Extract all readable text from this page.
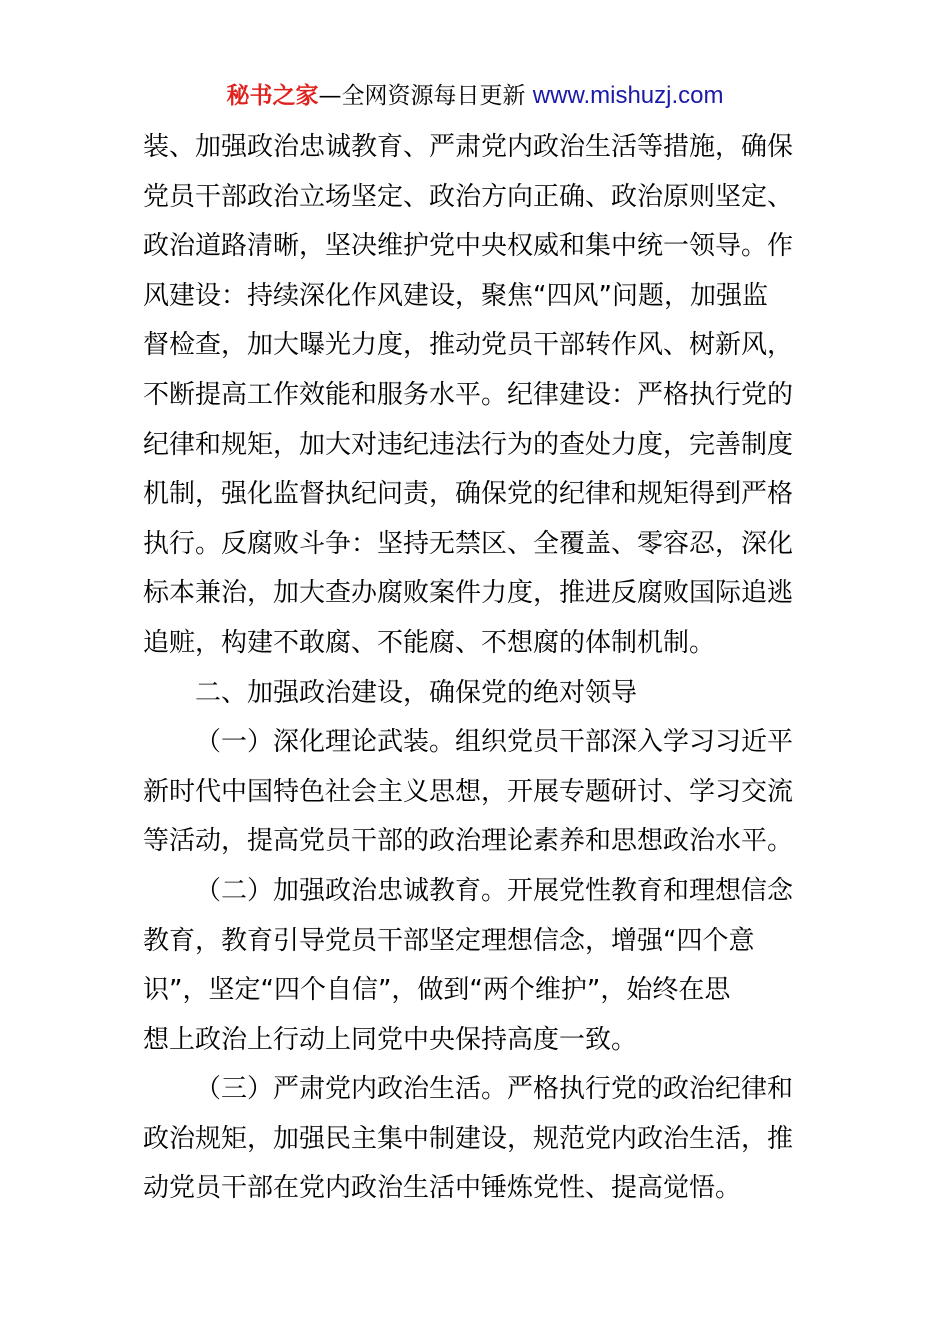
秘书之家—全网资源每日更新 www.mishuzj.com
装、加强政治忠诚教育、严肃党内政治生活等措施，确保
党员干部政治立场坚定、政治方向正确、政治原则坚定、
政治道路清晰，坚决维护党中央权威和集中统一领导。作
风建设：持续深化作风建设，聚焦“四风”问题，加强监
督检查，加大曝光力度，推动党员干部转作风、树新风，
不断提高工作效能和服务水平。纪律建设：严格执行党的
纪律和规矩，加大对违纪违法行为的查处力度，完善制度
机制，强化监督执纪问责，确保党的纪律和规矩得到严格
执行。反腐败斗争：坚持无禁区、全覆盖、零容忍，深化
标本兼治，加大查办腐败案件力度，推进反腐败国际追逃
追赃，构建不敢腐、不能腐、不想腐的体制机制。
二、加强政治建设，确保党的绝对领导
（一）深化理论武装。组织党员干部深入学习习近平
新时代中国特色社会主义思想，开展专题研讨、学习交流
等活动，提高党员干部的政治理论素养和思想政治水平。
（二）加强政治忠诚教育。开展党性教育和理想信念
教育，教育引导党员干部坚定理想信念，增强“四个意
识”，坚定“四个自信”，做到“两个维护”，始终在思
想上政治上行动上同党中央保持高度一致。
（三）严肃党内政治生活。严格执行党的政治纪律和
政治规矩，加强民主集中制建设，规范党内政治生活，推
动党员干部在党内政治生活中锤炼党性、提高觉悟。
